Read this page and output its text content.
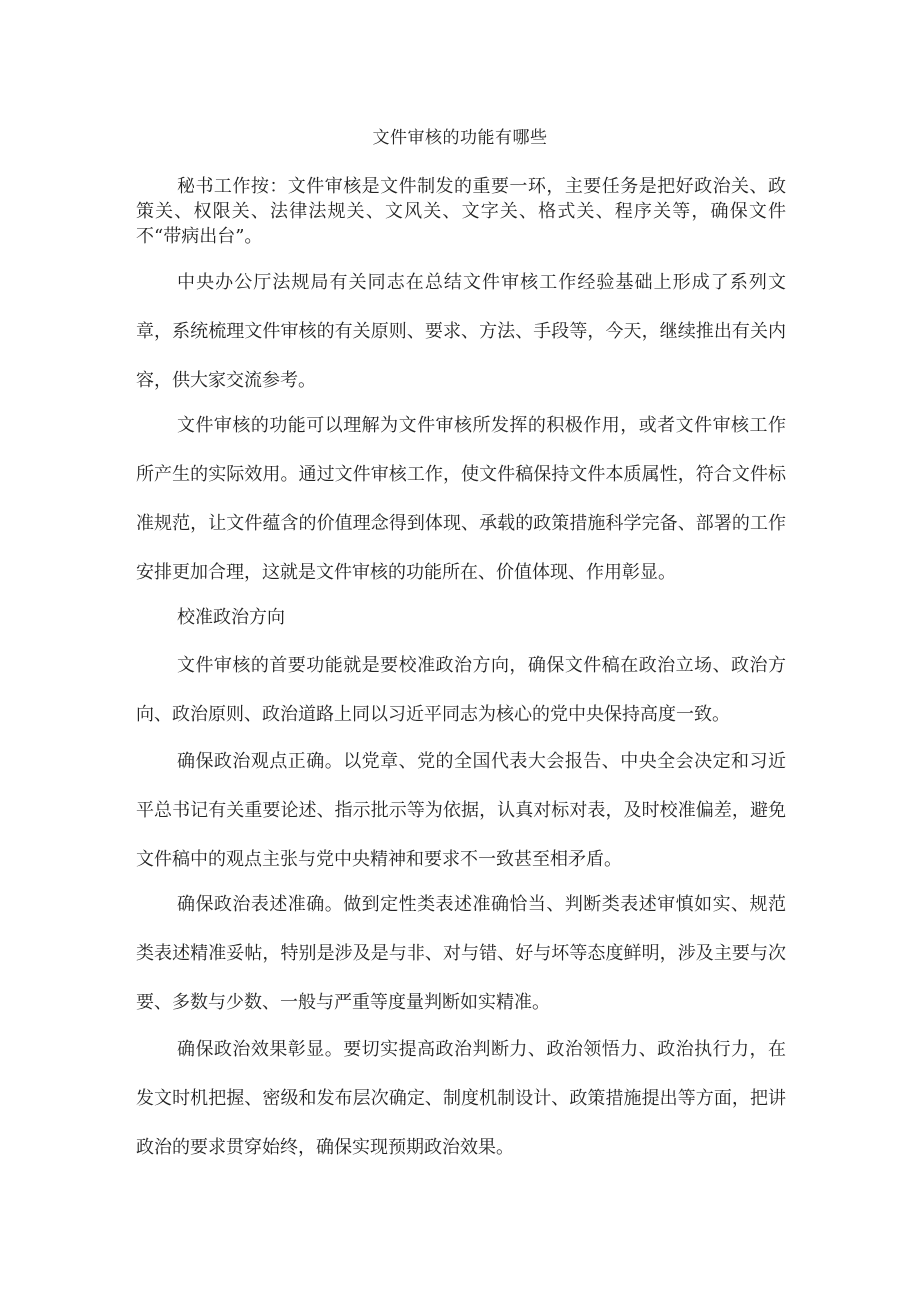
文件审核的功能有哪些

秘书工作按：文件审核是文件制发的重要一环，主要任务是把好政治关、政策关、权限关、法律法规关、文风关、文字关、格式关、程序关等，确保文件不“带病出台”。

中央办公厅法规局有关同志在总结文件审核工作经验基础上形成了系列文章，系统梳理文件审核的有关原则、要求、方法、手段等，今天，继续推出有关内容，供大家交流参考。

文件审核的功能可以理解为文件审核所发挥的积极作用，或者文件审核工作所产生的实际效用。通过文件审核工作，使文件稿保持文件本质属性，符合文件标准规范，让文件蕴含的价值理念得到体现、承载的政策措施科学完备、部署的工作安排更加合理，这就是文件审核的功能所在、价值体现、作用彰显。

校准政治方向

文件审核的首要功能就是要校准政治方向，确保文件稿在政治立场、政治方向、政治原则、政治道路上同以习近平同志为核心的党中央保持高度一致。

确保政治观点正确。以党章、党的全国代表大会报告、中央全会决定和习近平总书记有关重要论述、指示批示等为依据，认真对标对表，及时校准偏差，避免文件稿中的观点主张与党中央精神和要求不一致甚至相矛盾。

确保政治表述准确。做到定性类表述准确恰当、判断类表述审慎如实、规范类表述精准妥帖，特别是涉及是与非、对与错、好与坏等态度鲜明，涉及主要与次要、多数与少数、一般与严重等度量判断如实精准。

确保政治效果彰显。要切实提高政治判断力、政治领悟力、政治执行力，在发文时机把握、密级和发布层次确定、制度机制设计、政策措施提出等方面，把讲政治的要求贯穿始终，确保实现预期政治效果。
